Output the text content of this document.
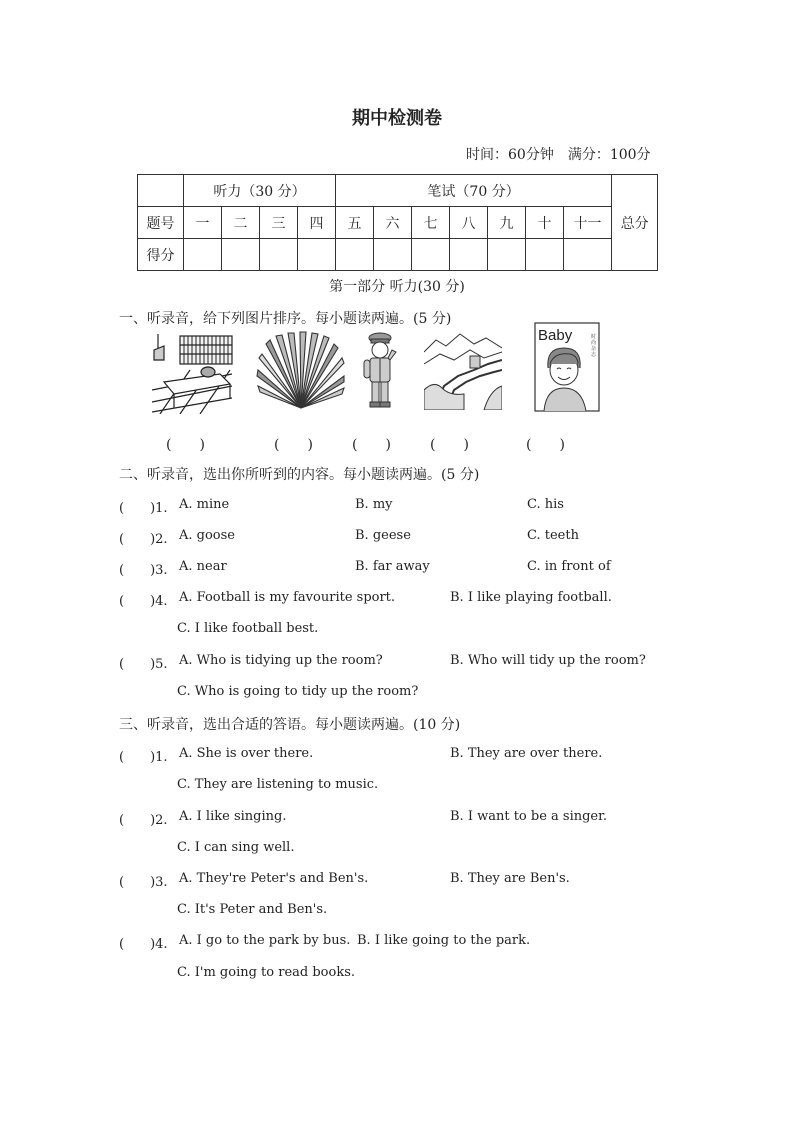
期中检测卷
时间：60分钟　满分：100分
	听力（30 分）				笔试（70 分）							总分
题号	一	二	三	四	五	六	七	八	九	十	十一	
得分												
第一部分 听力(30 分)
一、听录音，给下列图片排序。每小题读两遍。(5 分)
Baby	时
尚
杂
志
(　　)	(　　)	(　　)	(　　)	(　　)
二、听录音，选出你所听到的内容。每小题读两遍。(5 分)
(　　)1. A. mine	B. my	C. his
(　　)2. A. goose	B. geese	C. teeth
(　　)3. A. near	B. far away	C. in front of
(　　)4. A. Football is my favourite sport.	B. I like playing football.
C. I like football best.
(　　)5. A. Who is tidying up the room?	B. Who will tidy up the room?
C. Who is going to tidy up the room?
三、听录音，选出合适的答语。每小题读两遍。(10 分)
(　　)1. A. She is over there.	B. They are over there.
C. They are listening to music.
(　　)2. A. I like singing.	B. I want to be a singer.
C. I can sing well.
(　　)3. A. They're Peter's and Ben's.	B. They are Ben's.
C. It's Peter and Ben's.
(　　)4. A. I go to the park by bus. B. I like going to the park.
C. I'm going to read books.
